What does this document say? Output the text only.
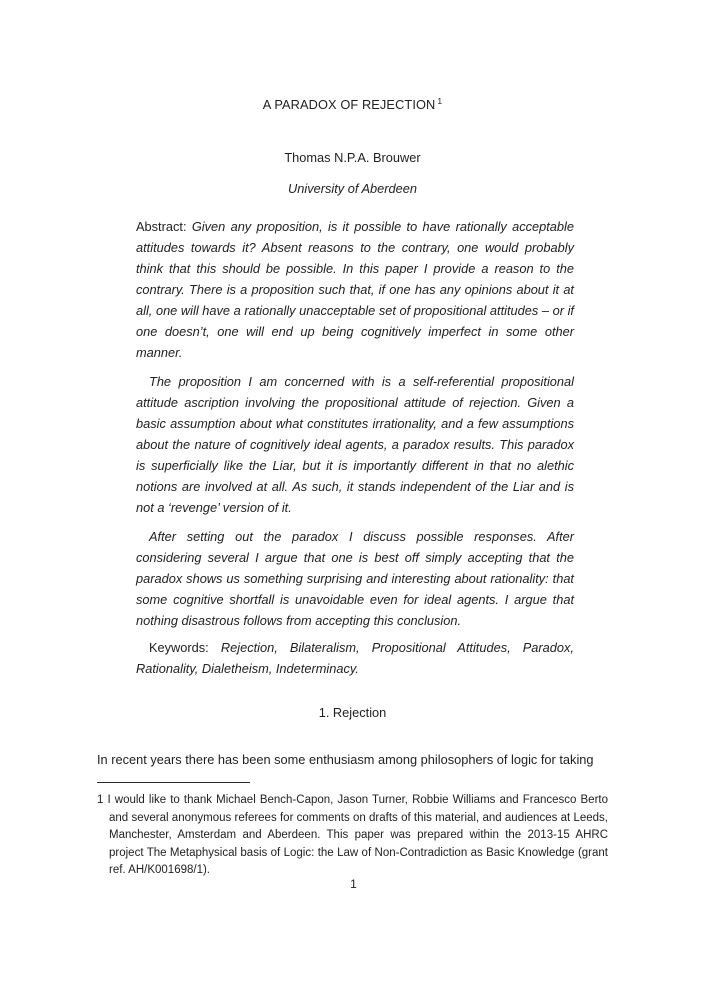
A PARADOX OF REJECTION $^1$
Thomas N.P.A. Brouwer
University of Aberdeen

Abstract: Given any proposition, is it possible to have rationally acceptable attitudes towards it? Absent reasons to the contrary, one would probably think that this should be possible. In this paper I provide a reason to the contrary. There is a proposition such that, if one has any opinions about it at all, one will have a rationally unacceptable set of propositional attitudes – or if one doesn’t, one will end up being cognitively imperfect in some other manner.

The proposition I am concerned with is a self-referential propositional attitude ascription involving the propositional attitude of rejection. Given a basic assumption about what constitutes irrationality, and a few assumptions about the nature of cognitively ideal agents, a paradox results. This paradox is superficially like the Liar, but it is importantly different in that no alethic notions are involved at all. As such, it stands independent of the Liar and is not a ‘revenge’ version of it.

After setting out the paradox I discuss possible responses. After considering several I argue that one is best off simply accepting that the paradox shows us something surprising and interesting about rationality: that some cognitive shortfall is unavoidable even for ideal agents. I argue that nothing disastrous follows from accepting this conclusion.

Keywords: Rejection, Bilateralism, Propositional Attitudes, Paradox, Rationality, Dialetheism, Indeterminacy.

1. Rejection

In recent years there has been some enthusiasm among philosophers of logic for taking

1 I would like to thank Michael Bench-Capon, Jason Turner, Robbie Williams and Francesco Berto and several anonymous referees for comments on drafts of this material, and audiences at Leeds, Manchester, Amsterdam and Aberdeen. This paper was prepared within the 2013-15 AHRC project The Metaphysical basis of Logic: the Law of Non-Contradiction as Basic Knowledge (grant ref. AH/K001698/1).

1
